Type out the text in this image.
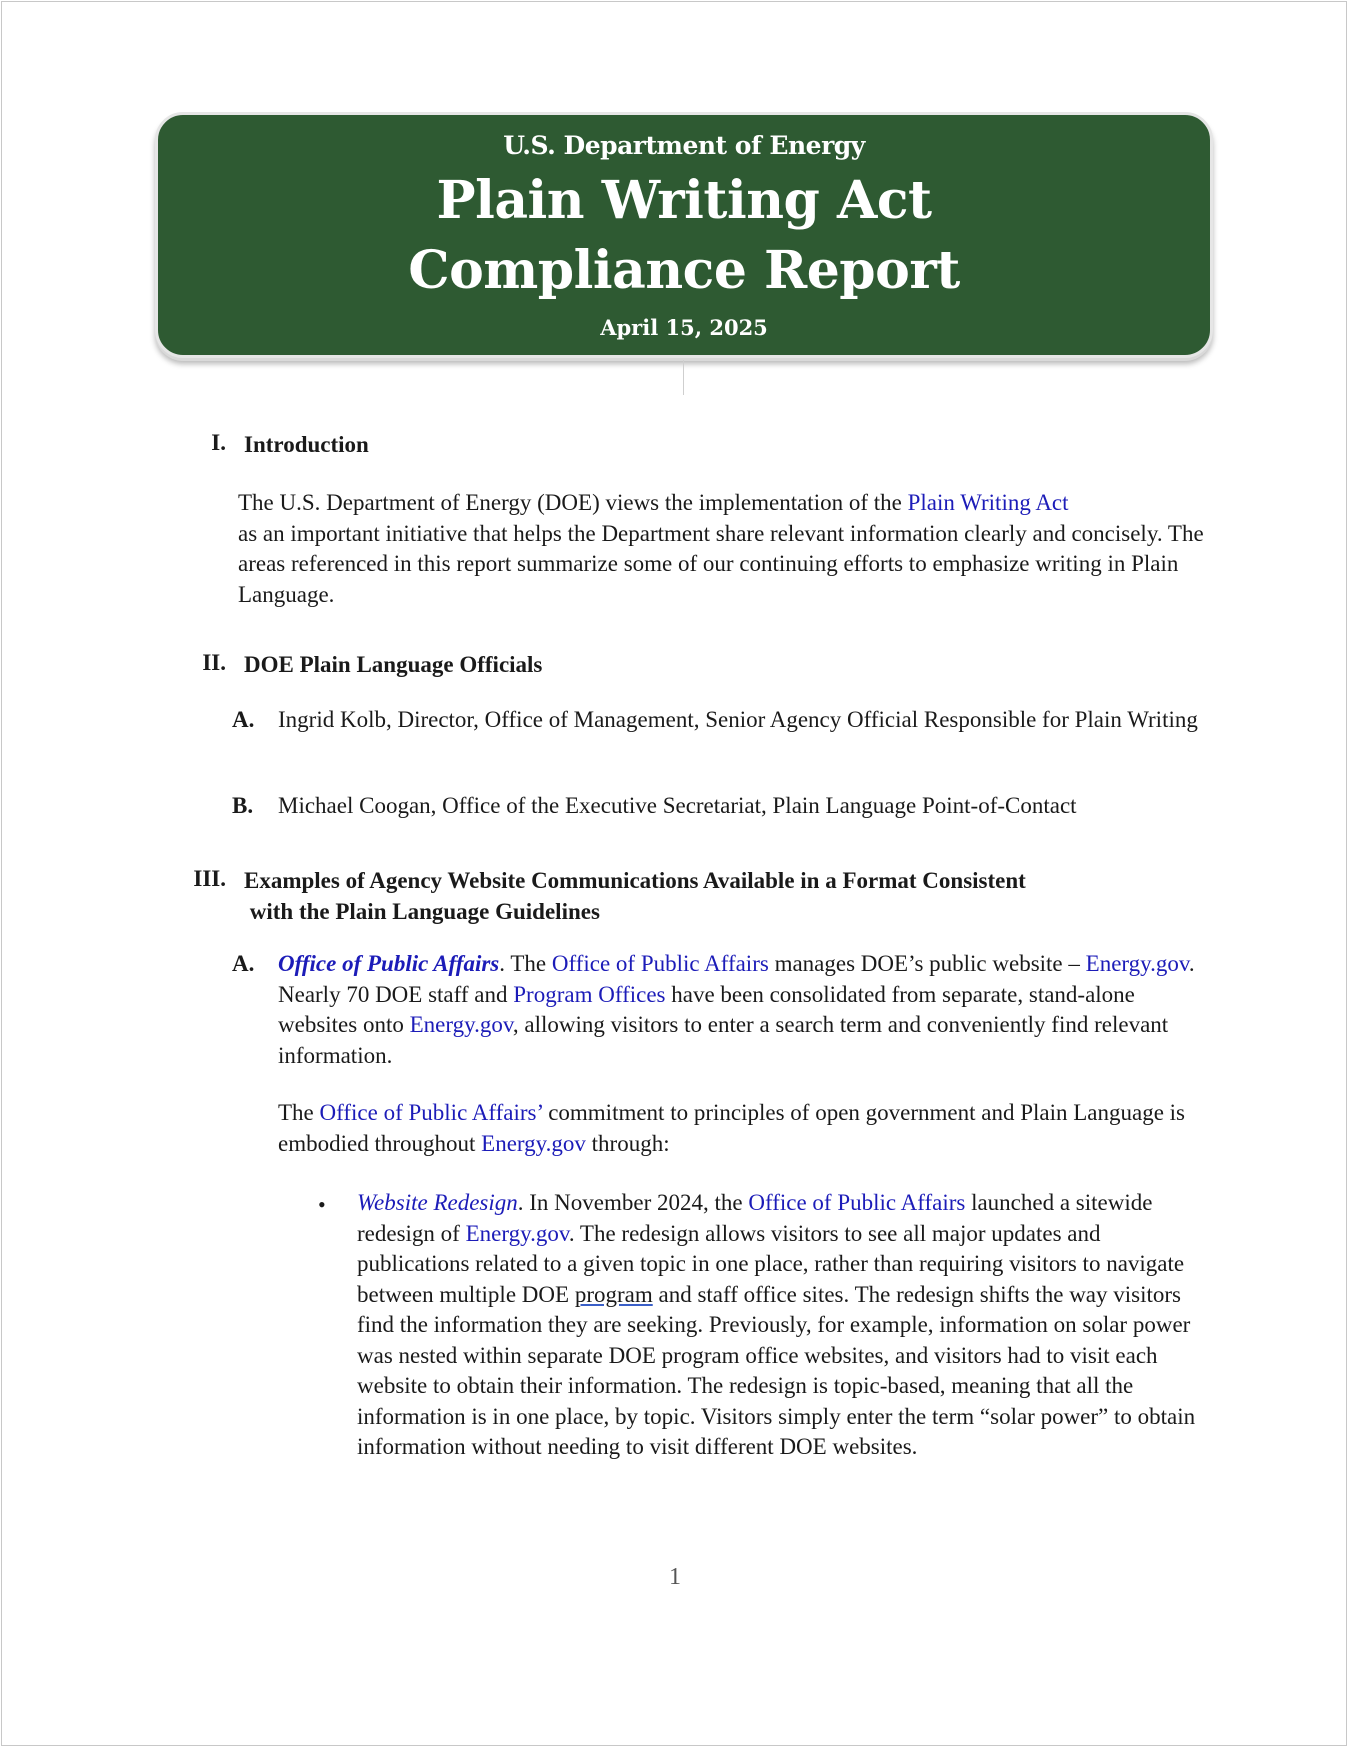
U.S. Department of Energy
Plain Writing Act
Compliance Report
April 15, 2025
I. Introduction
The U.S. Department of Energy (DOE) views the implementation of the Plain Writing Act
as an important initiative that helps the Department share relevant information clearly and concisely. The areas referenced in this report summarize some of our continuing efforts to emphasize writing in Plain Language.
II. DOE Plain Language Officials
A.	Ingrid Kolb, Director, Office of Management, Senior Agency Official Responsible for Plain Writing
B.	Michael Coogan, Office of the Executive Secretariat, Plain Language Point-of-Contact
III. Examples of Agency Website Communications Available in a Format Consistent
with the Plain Language Guidelines
A.	Office of Public Affairs. The Office of Public Affairs manages DOE’s public website – Energy.gov. Nearly 70 DOE staff and Program Offices have been consolidated from separate, stand-alone websites onto Energy.gov, allowing visitors to enter a search term and conveniently find relevant information.
The Office of Public Affairs’ commitment to principles of open government and Plain Language is embodied throughout Energy.gov through:
• Website Redesign. In November 2024, the Office of Public Affairs launched a sitewide redesign of Energy.gov. The redesign allows visitors to see all major updates and publications related to a given topic in one place, rather than requiring visitors to navigate between multiple DOE program and staff office sites. The redesign shifts the way visitors find the information they are seeking. Previously, for example, information on solar power was nested within separate DOE program office websites, and visitors had to visit each website to obtain their information. The redesign is topic-based, meaning that all the information is in one place, by topic. Visitors simply enter the term “solar power” to obtain information without needing to visit different DOE websites.
1
